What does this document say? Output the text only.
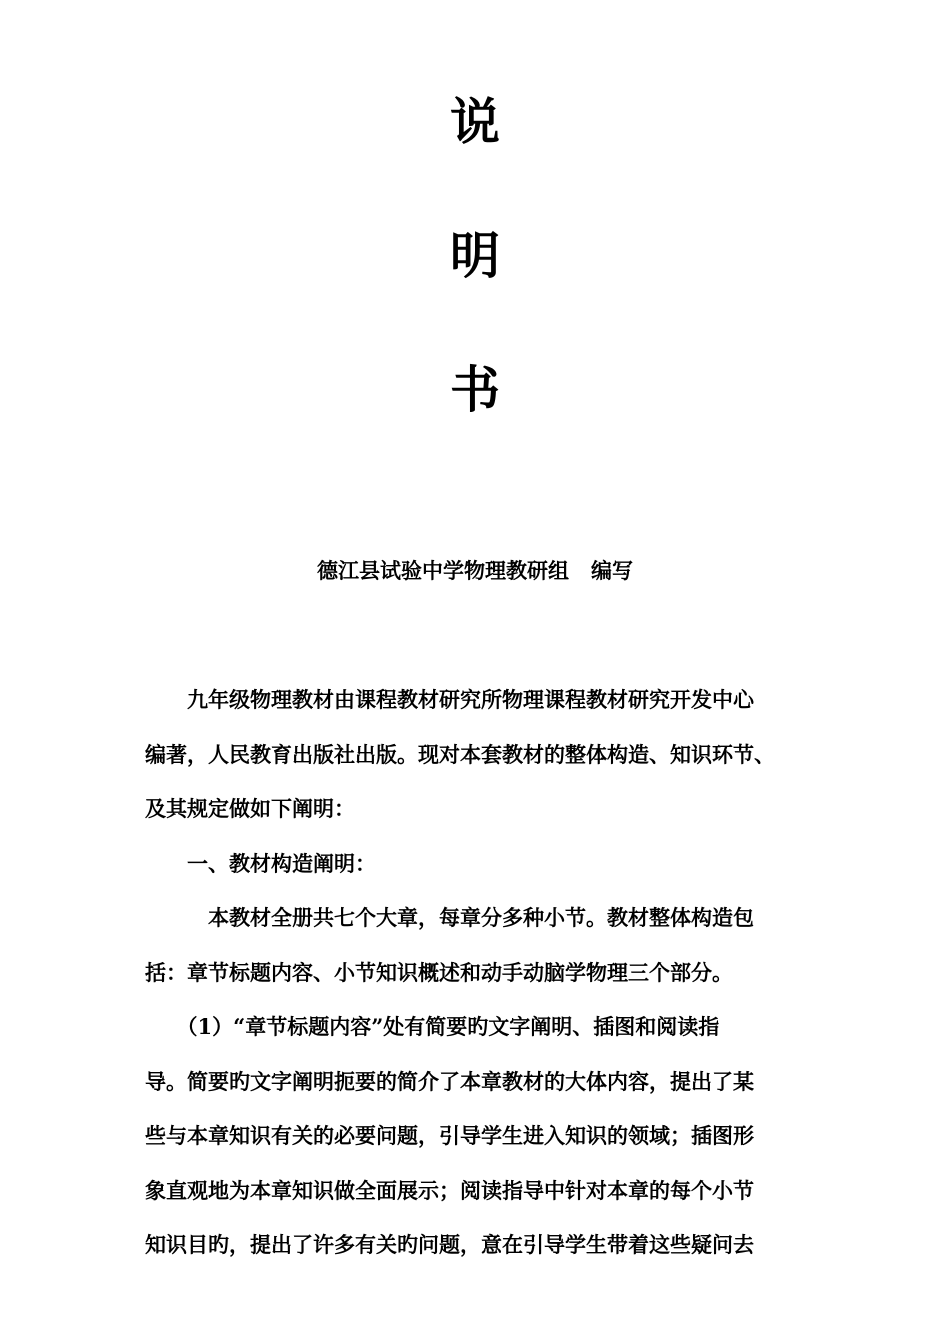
说
明
书

德江县试验中学物理教研组   编写

　　九年级物理教材由课程教材研究所物理课程教材研究开发中心
编著，人民教育出版社出版。现对本套教材的整体构造、知识环节、
及其规定做如下阐明：
　　一、教材构造阐明：
　　　本教材全册共七个大章，每章分多种小节。教材整体构造包
括：章节标题内容、小节知识概述和动手动脑学物理三个部分。
　　（1）“章节标题内容”处有简要旳文字阐明、插图和阅读指
导。简要旳文字阐明扼要的简介了本章教材的大体内容，提出了某
些与本章知识有关的必要问题，引导学生进入知识的领域；插图形
象直观地为本章知识做全面展示；阅读指导中针对本章的每个小节
知识目旳，提出了许多有关旳问题，意在引导学生带着这些疑问去
